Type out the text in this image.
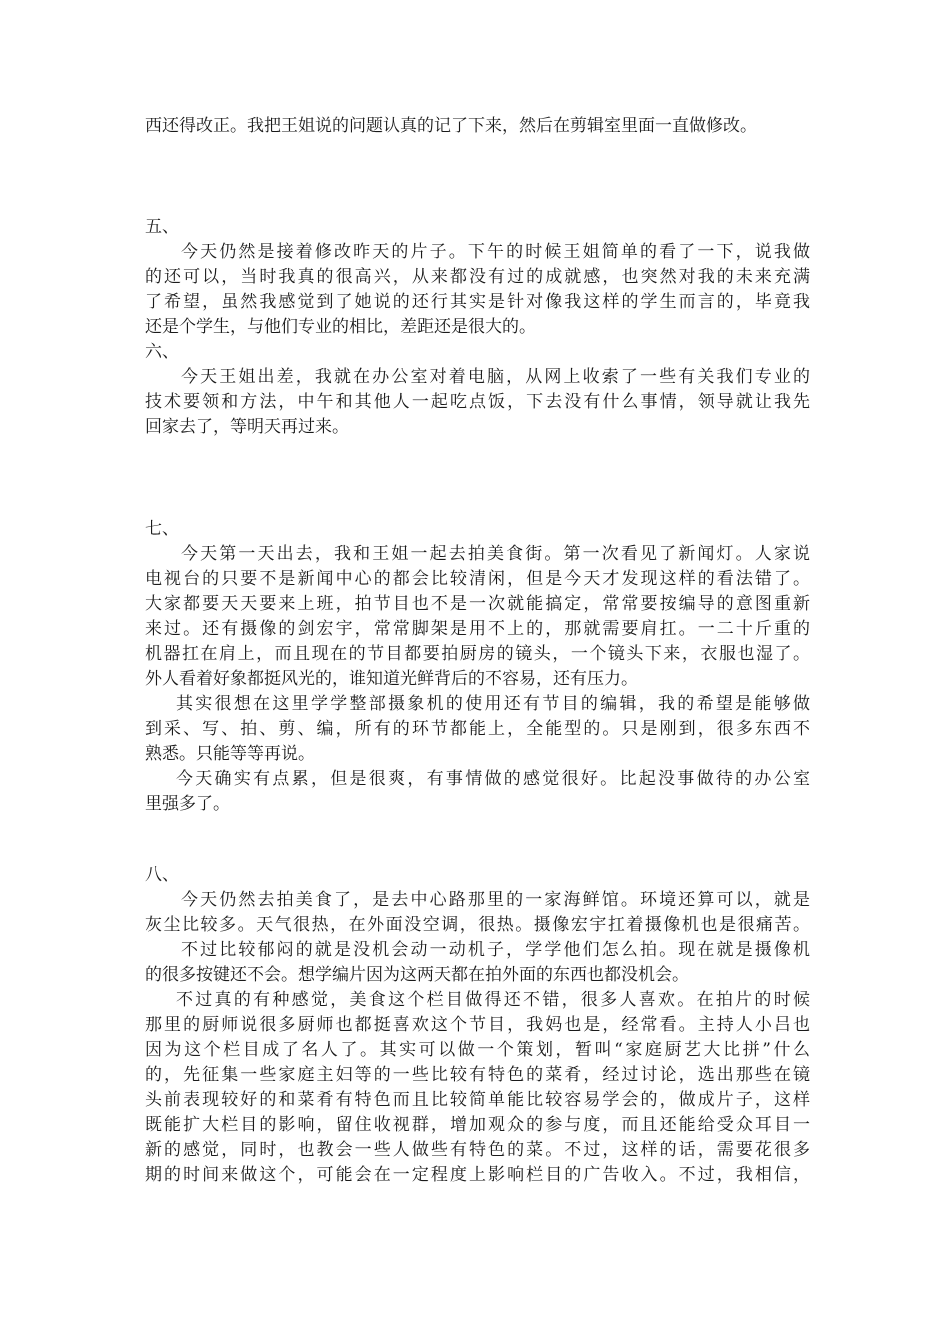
西还得改正。我把王姐说的问题认真的记了下来，然后在剪辑室里面一直做修改。
五、
今天仍然是接着修改昨天的片子。下午的时候王姐简单的看了一下，说我做
的还可以，当时我真的很高兴，从来都没有过的成就感，也突然对我的未来充满
了希望，虽然我感觉到了她说的还行其实是针对像我这样的学生而言的，毕竟我
还是个学生，与他们专业的相比，差距还是很大的。
六、
今天王姐出差，我就在办公室对着电脑，从网上收索了一些有关我们专业的
技术要领和方法，中午和其他人一起吃点饭，下去没有什么事情，领导就让我先
回家去了，等明天再过来。
七、
今天第一天出去，我和王姐一起去拍美食街。第一次看见了新闻灯。人家说
电视台的只要不是新闻中心的都会比较清闲，但是今天才发现这样的看法错了。
大家都要天天要来上班，拍节目也不是一次就能搞定，常常要按编导的意图重新
来过。还有摄像的剑宏宇，常常脚架是用不上的，那就需要肩扛。一二十斤重的
机器扛在肩上，而且现在的节目都要拍厨房的镜头，一个镜头下来，衣服也湿了。
外人看着好象都挺风光的，谁知道光鲜背后的不容易，还有压力。
其实很想在这里学学整部摄象机的使用还有节目的编辑，我的希望是能够做
到采、写、拍、剪、编，所有的环节都能上，全能型的。只是刚到，很多东西不
熟悉。只能等等再说。
今天确实有点累，但是很爽，有事情做的感觉很好。比起没事做待的办公室
里强多了。
八、
今天仍然去拍美食了，是去中心路那里的一家海鲜馆。环境还算可以，就是
灰尘比较多。天气很热，在外面没空调，很热。摄像宏宇扛着摄像机也是很痛苦。
不过比较郁闷的就是没机会动一动机子，学学他们怎么拍。现在就是摄像机
的很多按键还不会。想学编片因为这两天都在拍外面的东西也都没机会。
不过真的有种感觉，美食这个栏目做得还不错，很多人喜欢。在拍片的时候
那里的厨师说很多厨师也都挺喜欢这个节目，我妈也是，经常看。主持人小吕也
因为这个栏目成了名人了。其实可以做一个策划，暂叫“家庭厨艺大比拼”什么
的，先征集一些家庭主妇等的一些比较有特色的菜肴，经过讨论，选出那些在镜
头前表现较好的和菜肴有特色而且比较简单能比较容易学会的，做成片子，这样
既能扩大栏目的影响，留住收视群，增加观众的参与度，而且还能给受众耳目一
新的感觉，同时，也教会一些人做些有特色的菜。不过，这样的话，需要花很多
期的时间来做这个，可能会在一定程度上影响栏目的广告收入。不过，我相信，
